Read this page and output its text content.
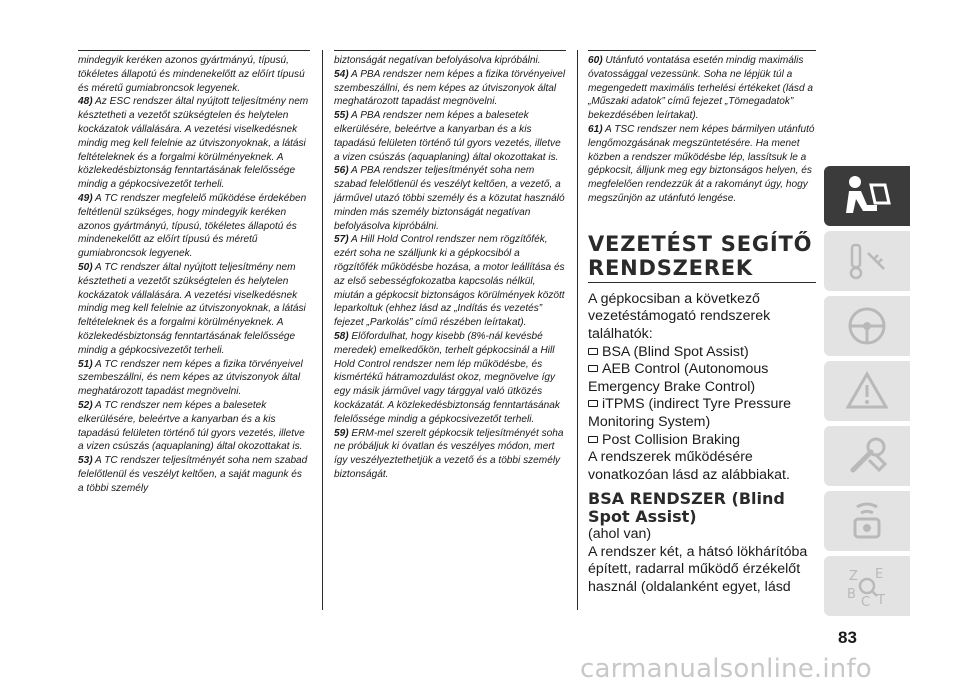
mindegyik keréken azonos gyártmányú, típusú, tökéletes állapotú és mindenekelőtt az előírt típusú és méretű gumiabroncsok legyenek.

48) Az ESC rendszer által nyújtott teljesítmény nem késztetheti a vezetőt szükségtelen és helytelen kockázatok vállalására. A vezetési viselkedésnek mindig meg kell felelnie az útviszonyoknak, a látási feltételeknek és a forgalmi körülményeknek. A közlekedésbiztonság fenntartásának felelőssége mindig a gépkocsivezetőt terheli.

49) A TC rendszer megfelelő működése érdekében feltétlenül szükséges, hogy mindegyik keréken azonos gyártmányú, típusú, tökéletes állapotú és mindenekelőtt az előírt típusú és méretű gumiabroncsok legyenek.

50) A TC rendszer által nyújtott teljesítmény nem késztetheti a vezetőt szükségtelen és helytelen kockázatok vállalására. A vezetési viselkedésnek mindig meg kell felelnie az útviszonyoknak, a látási feltételeknek és a forgalmi körülményeknek. A közlekedésbiztonság fenntartásának felelőssége mindig a gépkocsivezetőt terheli.

51) A TC rendszer nem képes a fizika törvényeivel szembeszállni, és nem képes az útviszonyok által meghatározott tapadást megnövelni.

52) A TC rendszer nem képes a balesetek elkerülésére, beleértve a kanyarban és a kis tapadású felületen történő túl gyors vezetés, illetve a vizen csúszás (aquaplaning) által okozottakat is.

53) A TC rendszer teljesítményét soha nem szabad felelőtlenül és veszélyt keltően, a saját magunk és a többi személy

biztonságát negatívan befolyásolva kipróbálni.

54) A PBA rendszer nem képes a fizika törvényeivel szembeszállni, és nem képes az útviszonyok által meghatározott tapadást megnövelni.

55) A PBA rendszer nem képes a balesetek elkerülésére, beleértve a kanyarban és a kis tapadású felületen történő túl gyors vezetés, illetve a vizen csúszás (aquaplaning) által okozottakat is.

56) A PBA rendszer teljesítményét soha nem szabad felelőtlenül és veszélyt keltően, a vezető, a járművel utazó többi személy és a közutat használó minden más személy biztonságát negatívan befolyásolva kipróbálni.

57) A Hill Hold Control rendszer nem rögzítőfék, ezért soha ne szálljunk ki a gépkocsiból a rögzítőfék működésbe hozása, a motor leállítása és az első sebességfokozatba kapcsolás nélkül, miután a gépkocsit biztonságos körülmények között leparkoltuk (ehhez lásd az „Indítás és vezetés” fejezet „Parkolás” című részében leírtakat).

58) Előfordulhat, hogy kisebb (8%-nál kevésbé meredek) emelkedőkön, terhelt gépkocsinál a Hill Hold Control rendszer nem lép működésbe, és kismértékű hátramozdulást okoz, megnövelve így egy másik járművel vagy tárggyal való ütközés kockázatát. A közlekedésbiztonság fenntartásának felelőssége mindig a gépkocsivezetőt terheli.

59) ERM-mel szerelt gépkocsik teljesítményét soha ne próbáljuk ki óvatlan és veszélyes módon, mert így veszélyeztethetjük a vezető és a többi személy biztonságát.

60) Utánfutó vontatása esetén mindig maximális óvatossággal vezessünk. Soha ne lépjük túl a megengedett maximális terhelési értékeket (lásd a „Műszaki adatok” című fejezet „Tömegadatok” bekezdésében leírtakat).

61) A TSC rendszer nem képes bármilyen utánfutó lengőmozgásának megszüntetésére. Ha menet közben a rendszer működésbe lép, lassítsuk le a gépkocsit, álljunk meg egy biztonságos helyen, és megfelelően rendezzük át a rakományt úgy, hogy megszűnjön az utánfutó lengése.

VEZETÉST SEGÍTŐ
RENDSZEREK

A gépkocsiban a következő vezetéstámogató rendszerek találhatók:

BSA (Blind Spot Assist)

AEB Control (Autonomous Emergency Brake Control)

iTPMS (indirect Tyre Pressure Monitoring System)

Post Collision Braking

A rendszerek működésére vonatkozóan lásd az alábbiakat.

BSA RENDSZER (Blind Spot Assist)

(ahol van)

A rendszer két, a hátsó lökhárítóba épített, radarral működő érzékelőt használ (oldalanként egyet, lásd

Z E
B
C T
83
carmanualsonline.info
